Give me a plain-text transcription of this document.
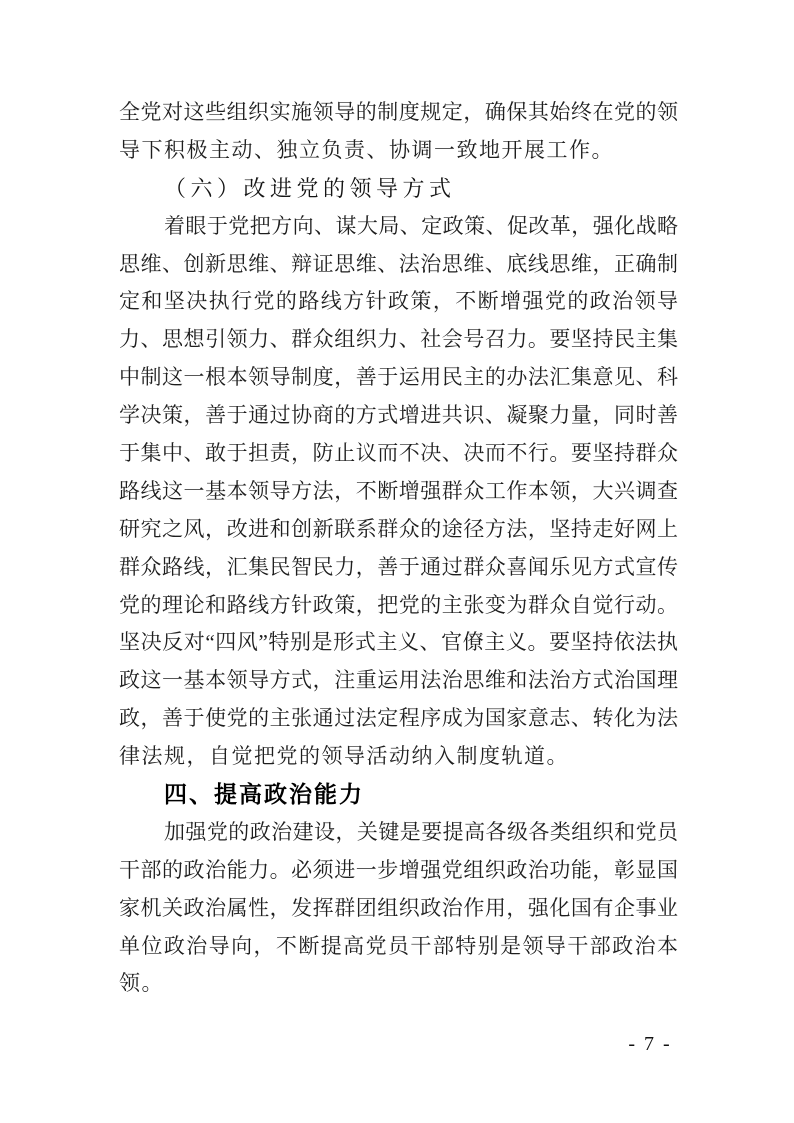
全党对这些组织实施领导的制度规定，确保其始终在党的领
导下积极主动、独立负责、协调一致地开展工作。
（六）改进党的领导方式
着眼于党把方向、谋大局、定政策、促改革，强化战略
思维、创新思维、辩证思维、法治思维、底线思维，正确制
定和坚决执行党的路线方针政策，不断增强党的政治领导
力、思想引领力、群众组织力、社会号召力。要坚持民主集
中制这一根本领导制度，善于运用民主的办法汇集意见、科
学决策，善于通过协商的方式增进共识、凝聚力量，同时善
于集中、敢于担责，防止议而不决、决而不行。要坚持群众
路线这一基本领导方法，不断增强群众工作本领，大兴调查
研究之风，改进和创新联系群众的途径方法，坚持走好网上
群众路线，汇集民智民力，善于通过群众喜闻乐见方式宣传
党的理论和路线方针政策，把党的主张变为群众自觉行动。
坚决反对“四风”特别是形式主义、官僚主义。要坚持依法执
政这一基本领导方式，注重运用法治思维和法治方式治国理
政，善于使党的主张通过法定程序成为国家意志、转化为法
律法规，自觉把党的领导活动纳入制度轨道。
四、提高政治能力
加强党的政治建设，关键是要提高各级各类组织和党员
干部的政治能力。必须进一步增强党组织政治功能，彰显国
家机关政治属性，发挥群团组织政治作用，强化国有企事业
单位政治导向，不断提高党员干部特别是领导干部政治本
领。
- 7 -
